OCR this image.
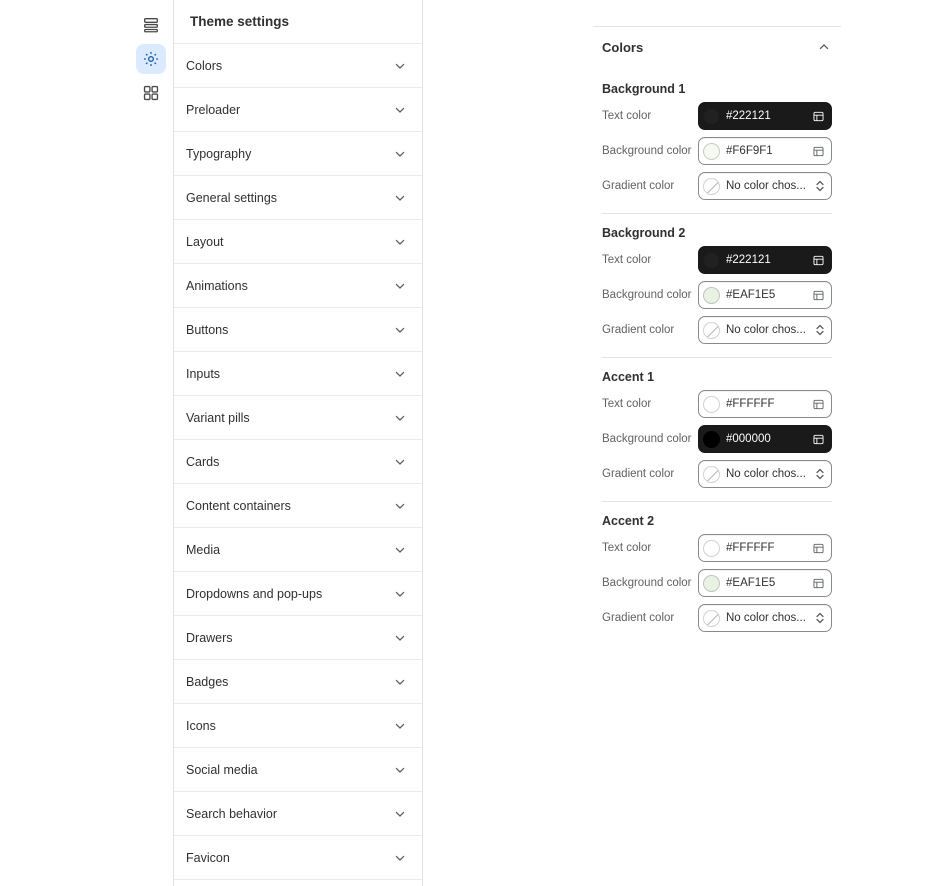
Theme settings
Colors
Preloader
Typography
General settings
Layout
Animations
Buttons
Inputs
Variant pills
Cards
Content containers
Media
Dropdowns and pop-ups
Drawers
Badges
Icons
Social media
Search behavior
Favicon
Colors
Background 1
Text color	#222121
Background color	#F6F9F1
Gradient color	No color chos...
Background 2
Text color	#222121
Background color	#EAF1E5
Gradient color	No color chos...
Accent 1
Text color	#FFFFFF
Background color	#000000
Gradient color	No color chos...
Accent 2
Text color	#FFFFFF
Background color	#EAF1E5
Gradient color	No color chos...
